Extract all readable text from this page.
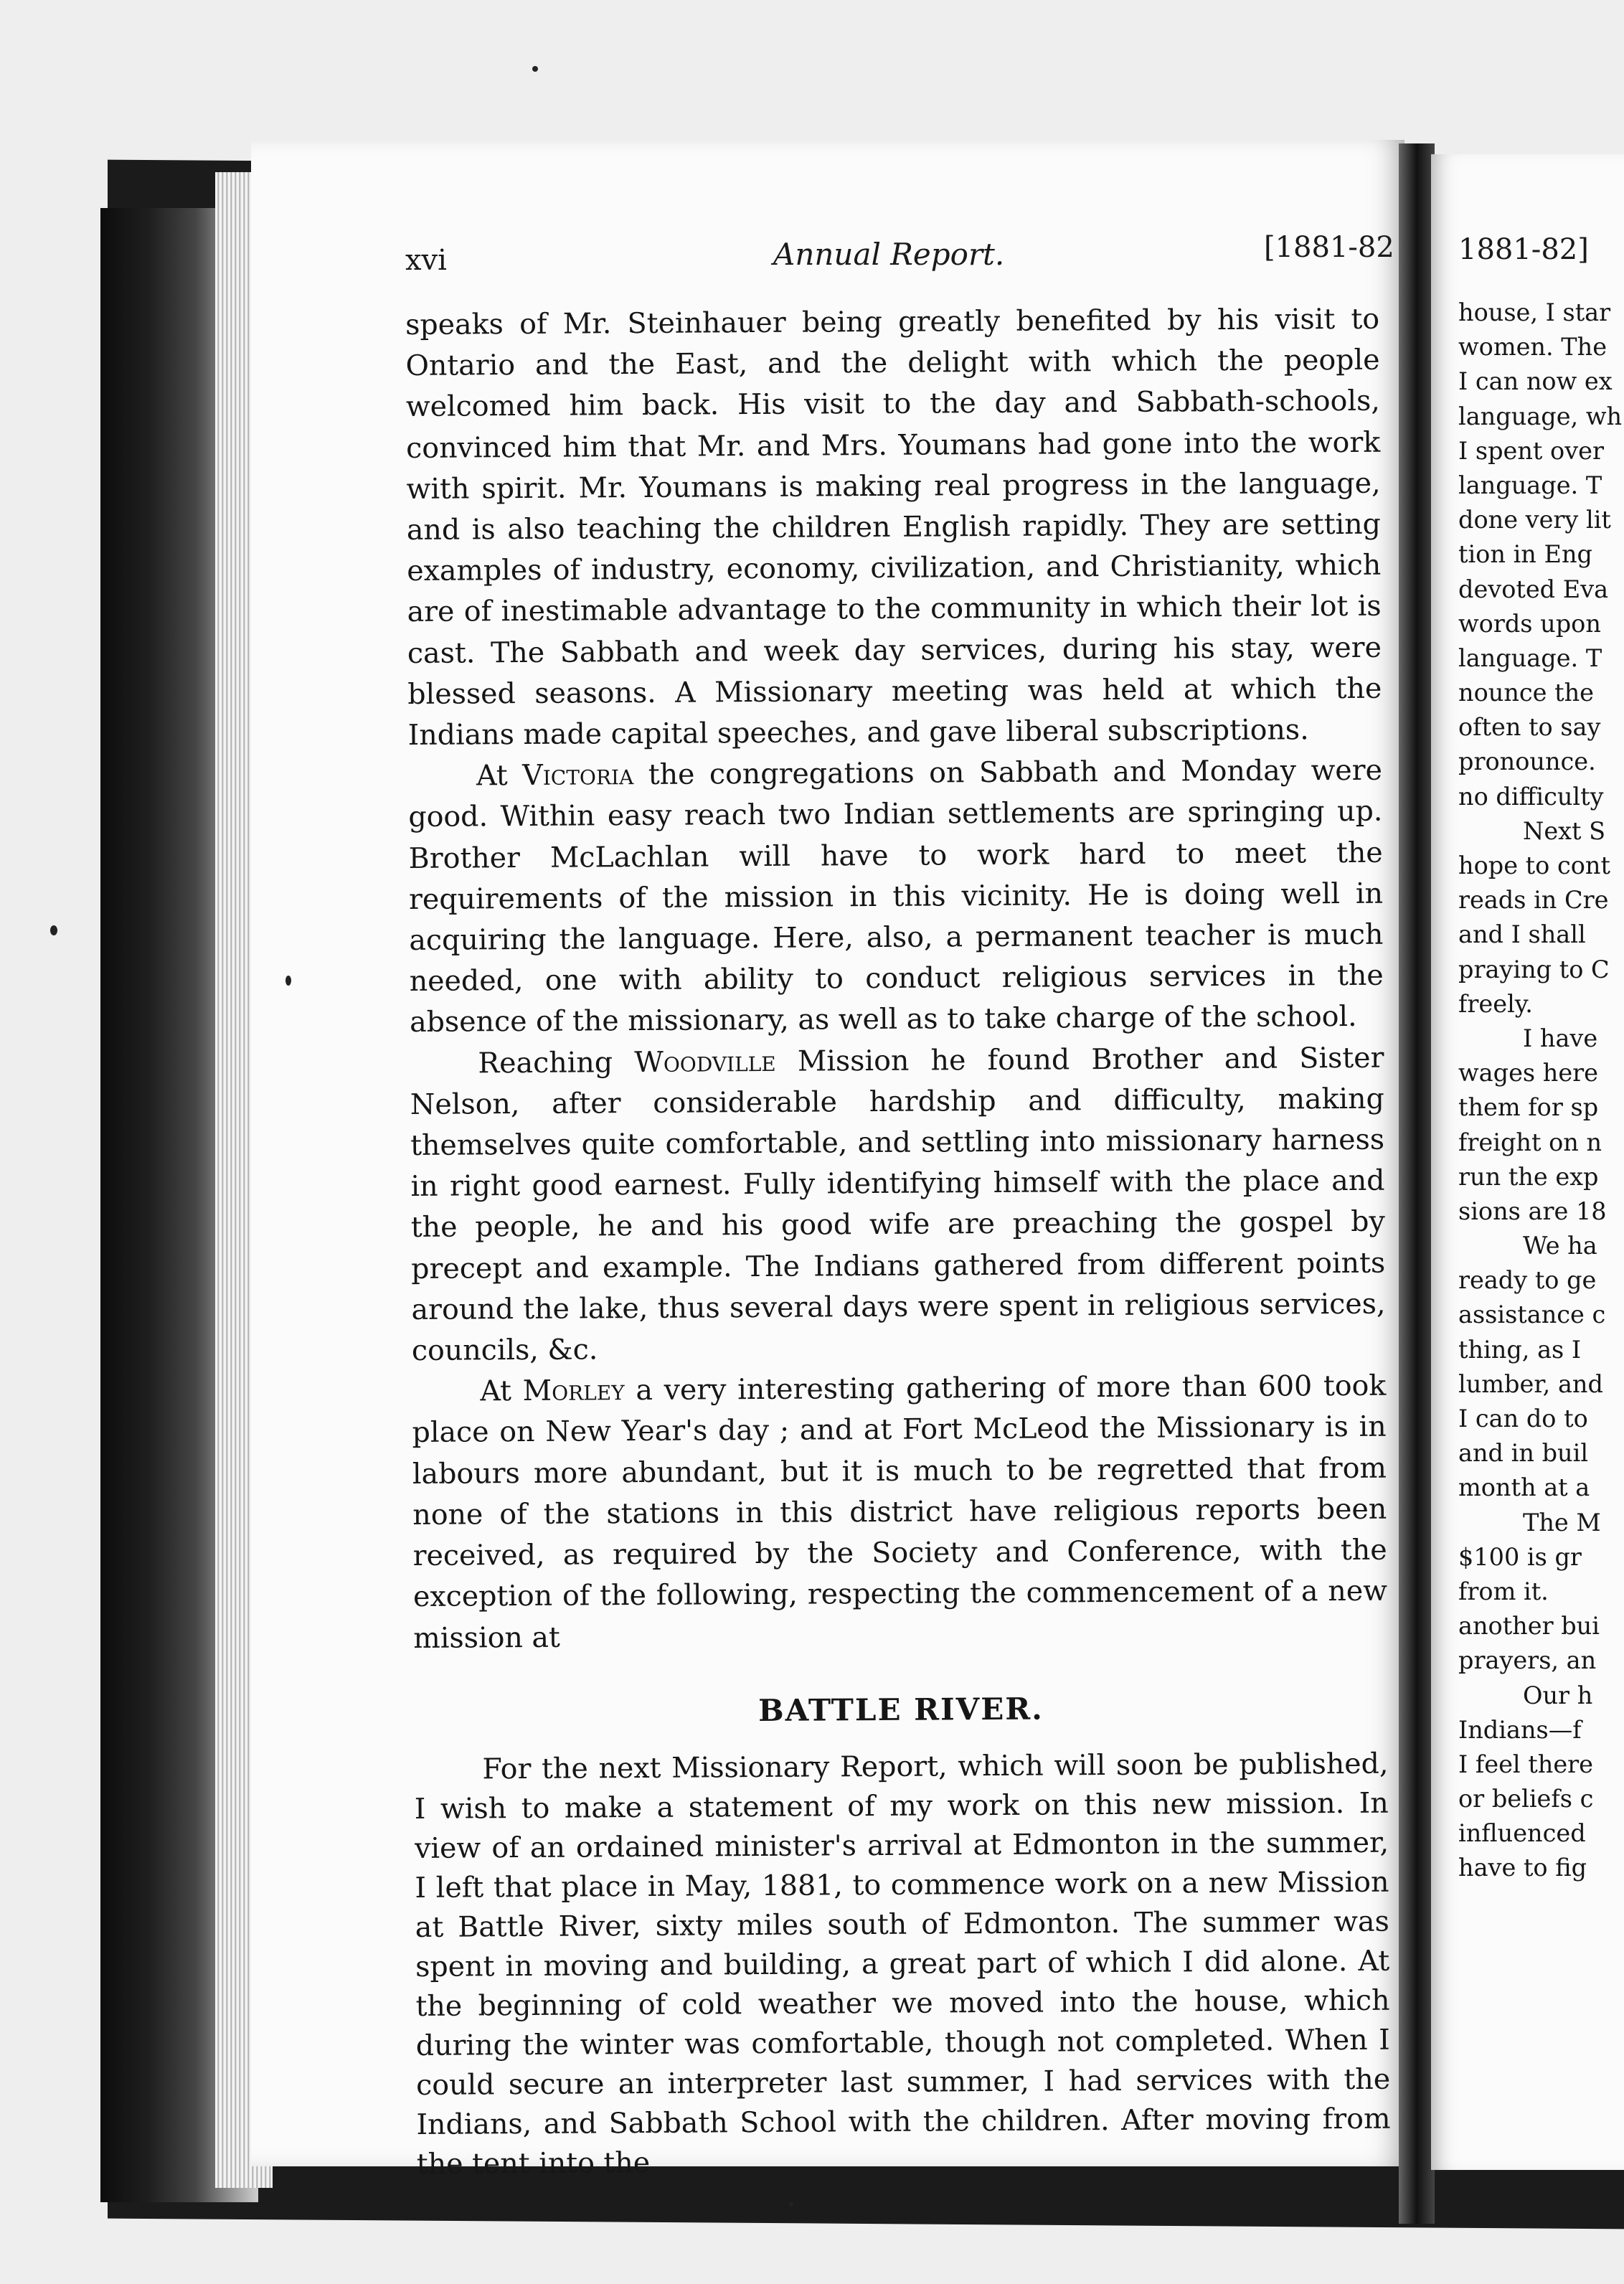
xvi	Annual Report.	[1881-82

speaks of Mr. Steinhauer being greatly benefited by his visit to Ontario and the East, and the delight with which the people welcomed him back. His visit to the day and Sabbath-schools, convinced him that Mr. and Mrs. Youmans had gone into the work with spirit. Mr. Youmans is making real progress in the language, and is also teaching the children English rapidly. They are setting examples of industry, economy, civilization, and Christianity, which are of inestimable advantage to the community in which their lot is cast. The Sabbath and week day services, during his stay, were blessed seasons. A Missionary meeting was held at which the Indians made capital speeches, and gave liberal subscriptions.

At Victoria the congregations on Sabbath and Monday were good. Within easy reach two Indian settlements are springing up. Brother McLachlan will have to work hard to meet the requirements of the mission in this vicinity. He is doing well in acquiring the language. Here, also, a permanent teacher is much needed, one with ability to conduct religious services in the absence of the missionary, as well as to take charge of the school.

Reaching Woodville Mission he found Brother and Sister Nelson, after considerable hardship and difficulty, making themselves quite comfortable, and settling into missionary harness in right good earnest. Fully identifying himself with the place and the people, he and his good wife are preaching the gospel by precept and example. The Indians gathered from different points around the lake, thus several days were spent in religious services, councils, &c.

At Morley a very interesting gathering of more than 600 took place on New Year's day ; and at Fort McLeod the Missionary is in labours more abundant, but it is much to be regretted that from none of the stations in this district have religious reports been received, as required by the Society and Conference, with the exception of the following, respecting the commencement of a new mission at

BATTLE RIVER.

For the next Missionary Report, which will soon be published, I wish to make a statement of my work on this new mission. In view of an ordained minister's arrival at Edmonton in the summer, I left that place in May, 1881, to commence work on a new Mission at Battle River, sixty miles south of Edmonton. The summer was spent in moving and building, a great part of which I did alone. At the beginning of cold weather we moved into the house, which during the winter was comfortable, though not completed. When I could secure an interpreter last summer, I had services with the Indians, and Sabbath School with the children. After moving from the tent into the

1881-82]
house, I star
women. The
I can now ex
language, wh
I spent over
language. T
done very lit
tion in Eng
devoted Eva
words upon
language. T
nounce the
often to say
pronounce.
no difficulty
Next S
hope to cont
reads in Cre
and I shall
praying to C
freely.
I have
wages here
them for sp
freight on n
run the exp
sions are 18
We ha
ready to ge
assistance c
thing, as I
lumber, and
I can do to
and in buil
month at a
The M
$100 is gr
from it.
another bui
prayers, an
Our h
Indians—f
I feel there
or beliefs c
influenced
have to fig
